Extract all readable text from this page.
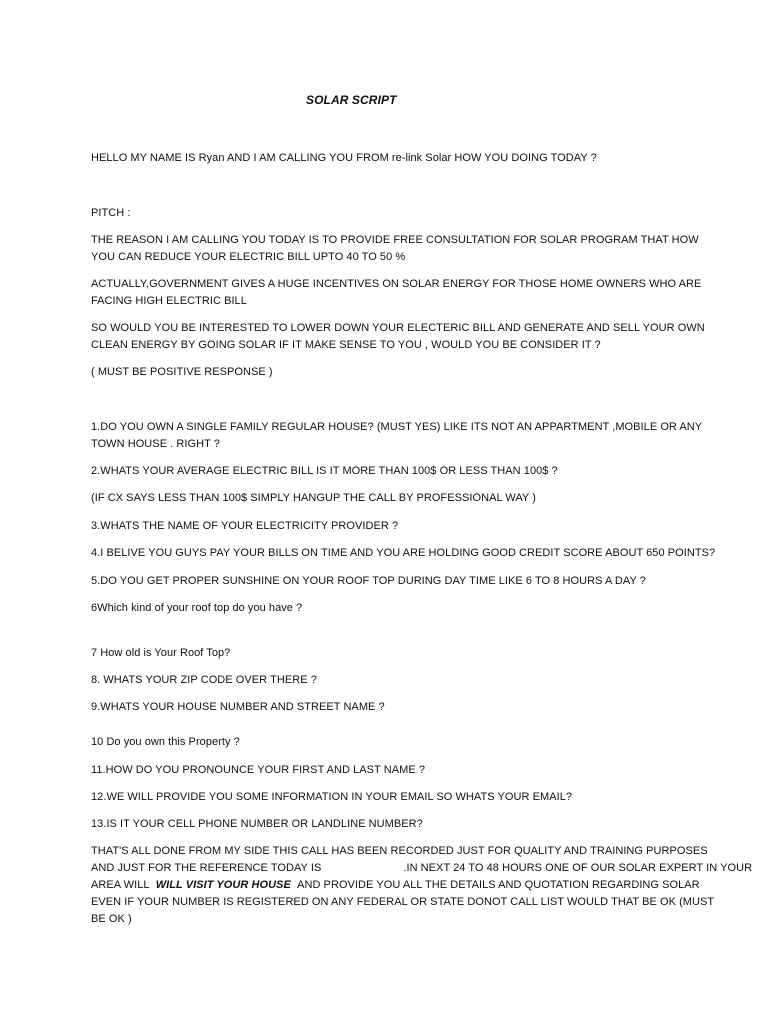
SOLAR SCRIPT
HELLO MY NAME IS Ryan AND I AM CALLING YOU FROM re-link Solar HOW YOU DOING TODAY ?
PITCH :
THE REASON I AM CALLING YOU TODAY IS TO PROVIDE FREE CONSULTATION FOR SOLAR PROGRAM THAT HOW
YOU CAN REDUCE YOUR ELECTRIC BILL UPTO 40 TO 50 %
ACTUALLY,GOVERNMENT GIVES A HUGE INCENTIVES ON SOLAR ENERGY FOR THOSE HOME OWNERS WHO ARE
FACING HIGH ELECTRIC BILL
SO WOULD YOU BE INTERESTED TO LOWER DOWN YOUR ELECTERIC BILL AND GENERATE AND SELL YOUR OWN
CLEAN ENERGY BY GOING SOLAR IF IT MAKE SENSE TO YOU , WOULD YOU BE CONSIDER IT ?
( MUST BE POSITIVE RESPONSE )
1.DO YOU OWN A SINGLE FAMILY REGULAR HOUSE? (MUST YES) LIKE ITS NOT AN APPARTMENT ,MOBILE OR ANY
TOWN HOUSE . RIGHT ?
2.WHATS YOUR AVERAGE ELECTRIC BILL IS IT MORE THAN 100$ OR LESS THAN 100$ ?
(IF CX SAYS LESS THAN 100$ SIMPLY HANGUP THE CALL BY PROFESSIONAL WAY )
3.WHATS THE NAME OF YOUR ELECTRICITY PROVIDER ?
4.I BELIVE YOU GUYS PAY YOUR BILLS ON TIME AND YOU ARE HOLDING GOOD CREDIT SCORE ABOUT 650 POINTS?
5.DO YOU GET PROPER SUNSHINE ON YOUR ROOF TOP DURING DAY TIME LIKE 6 TO 8 HOURS A DAY ?
6Which kind of your roof top do you have ?
7 How old is Your Roof Top?
8. WHATS YOUR ZIP CODE OVER THERE ?
9.WHATS YOUR HOUSE NUMBER AND STREET NAME ?
10 Do you own this Property ?
11.HOW DO YOU PRONOUNCE YOUR FIRST AND LAST NAME ?
12.WE WILL PROVIDE YOU SOME INFORMATION IN YOUR EMAIL SO WHATS YOUR EMAIL?
13.IS IT YOUR CELL PHONE NUMBER OR LANDLINE NUMBER?
THAT'S ALL DONE FROM MY SIDE THIS CALL HAS BEEN RECORDED JUST FOR QUALITY AND TRAINING PURPOSES
AND JUST FOR THE REFERENCE TODAY IS	.IN NEXT 24 TO 48 HOURS ONE OF OUR SOLAR EXPERT IN YOUR
AREA WILL WILL VISIT YOUR HOUSE AND PROVIDE YOU ALL THE DETAILS AND QUOTATION REGARDING SOLAR
EVEN IF YOUR NUMBER IS REGISTERED ON ANY FEDERAL OR STATE DONOT CALL LIST WOULD THAT BE OK (MUST
BE OK )
